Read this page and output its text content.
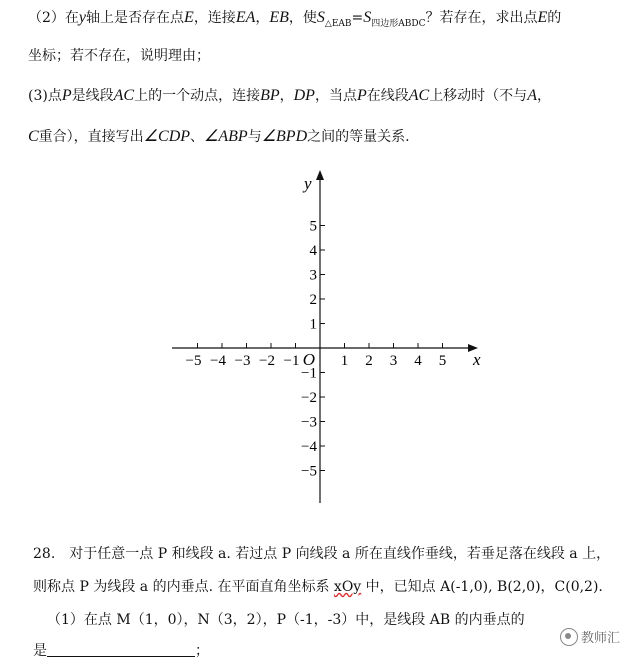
（2）在y轴上是否存在点E，连接EA，EB，使$S_{\triangle EAB}=S_{四边形ABDC}$？若存在，求出点E的
坐标；若不存在，说明理由；
(3)点P是线段AC上的一个动点，连接BP，DP，当点P在线段AC上移动时（不与A，
C重合），直接写出∠CDP、∠ABP与∠BPD之间的等量关系.
−5 −4 −3 −2 −1	1 2 3 4 5
5
4
3
2
1
−1
−2
−3
−4
−5
x
y
O
28.　对于任意一点 P 和线段 a. 若过点 P 向线段 a 所在直线作垂线，若垂足落在线段 a 上，
则称点 P 为线段 a 的内垂点. 在平面直角坐标系 xOy 中，已知点 A(-1,0), B(2,0)，C(0,2).
（1）在点 M（1，0），N（3，2），P（-1，-3）中，是线段 AB 的内垂点的
是	；
教师汇
